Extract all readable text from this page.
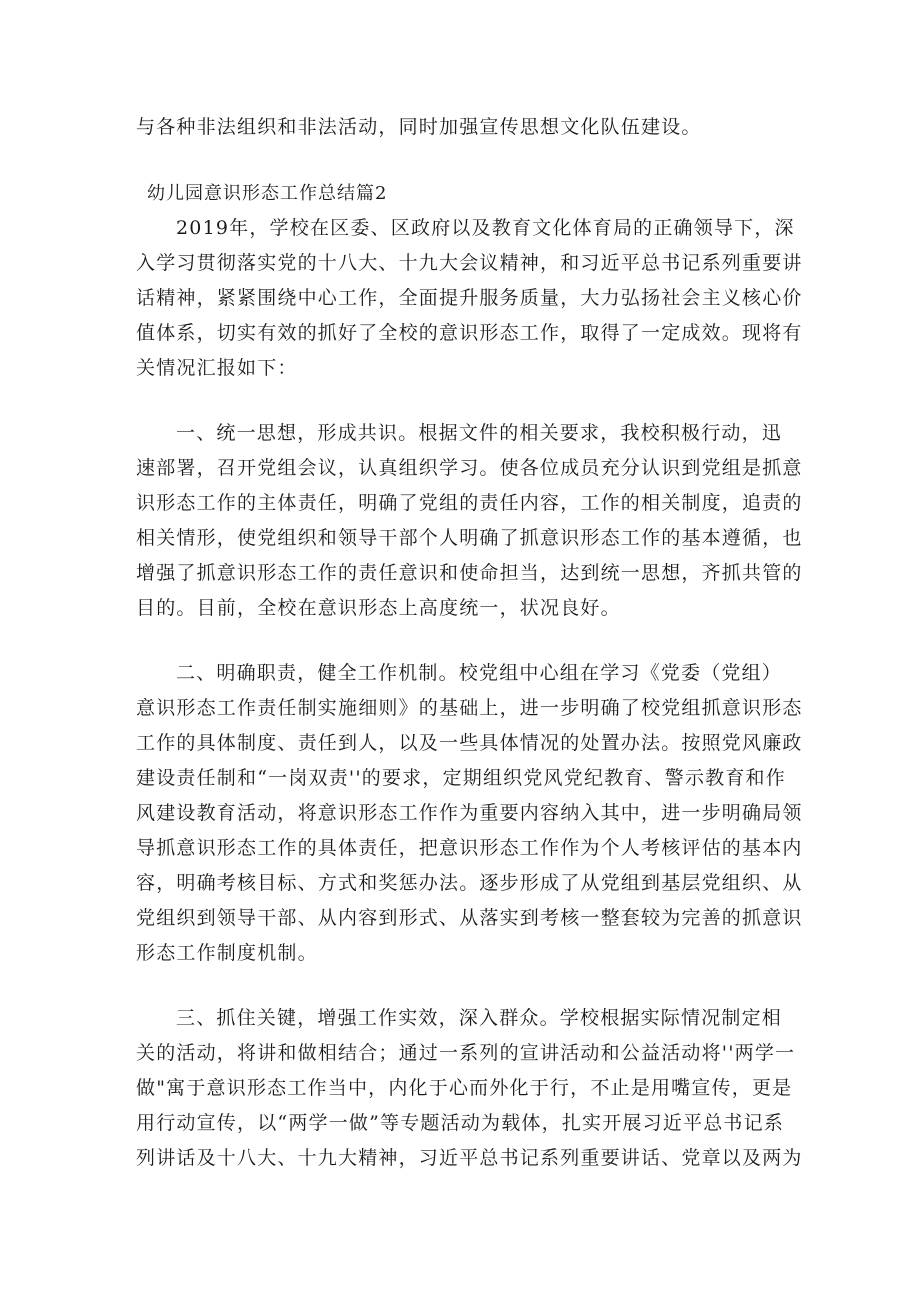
与各种非法组织和非法活动，同时加强宣传思想文化队伍建设。
幼儿园意识形态工作总结篇2
2019年，学校在区委、区政府以及教育文化体育局的正确领导下，深
入学习贯彻落实党的十八大、十九大会议精神，和习近平总书记系列重要讲
话精神，紧紧围绕中心工作，全面提升服务质量，大力弘扬社会主义核心价
值体系，切实有效的抓好了全校的意识形态工作，取得了一定成效。现将有
关情况汇报如下：
一、统一思想，形成共识。根据文件的相关要求，我校积极行动，迅
速部署，召开党组会议，认真组织学习。使各位成员充分认识到党组是抓意
识形态工作的主体责任，明确了党组的责任内容，工作的相关制度，追责的
相关情形，使党组织和领导干部个人明确了抓意识形态工作的基本遵循，也
增强了抓意识形态工作的责任意识和使命担当，达到统一思想，齐抓共管的
目的。目前，全校在意识形态上高度统一，状况良好。
二、明确职责，健全工作机制。校党组中心组在学习《党委（党组）
意识形态工作责任制实施细则》的基础上，进一步明确了校党组抓意识形态
工作的具体制度、责任到人，以及一些具体情况的处置办法。按照党风廉政
建设责任制和“一岗双责''的要求，定期组织党风党纪教育、警示教育和作
风建设教育活动，将意识形态工作作为重要内容纳入其中，进一步明确局领
导抓意识形态工作的具体责任，把意识形态工作作为个人考核评估的基本内
容，明确考核目标、方式和奖惩办法。逐步形成了从党组到基层党组织、从
党组织到领导干部、从内容到形式、从落实到考核一整套较为完善的抓意识
形态工作制度机制。
三、抓住关键，增强工作实效，深入群众。学校根据实际情况制定相
关的活动，将讲和做相结合；通过一系列的宣讲活动和公益活动将''两学一
做"寓于意识形态工作当中，内化于心而外化于行，不止是用嘴宣传，更是
用行动宣传，以“两学一做”等专题活动为载体，扎实开展习近平总书记系
列讲话及十八大、十九大精神，习近平总书记系列重要讲话、党章以及两为
